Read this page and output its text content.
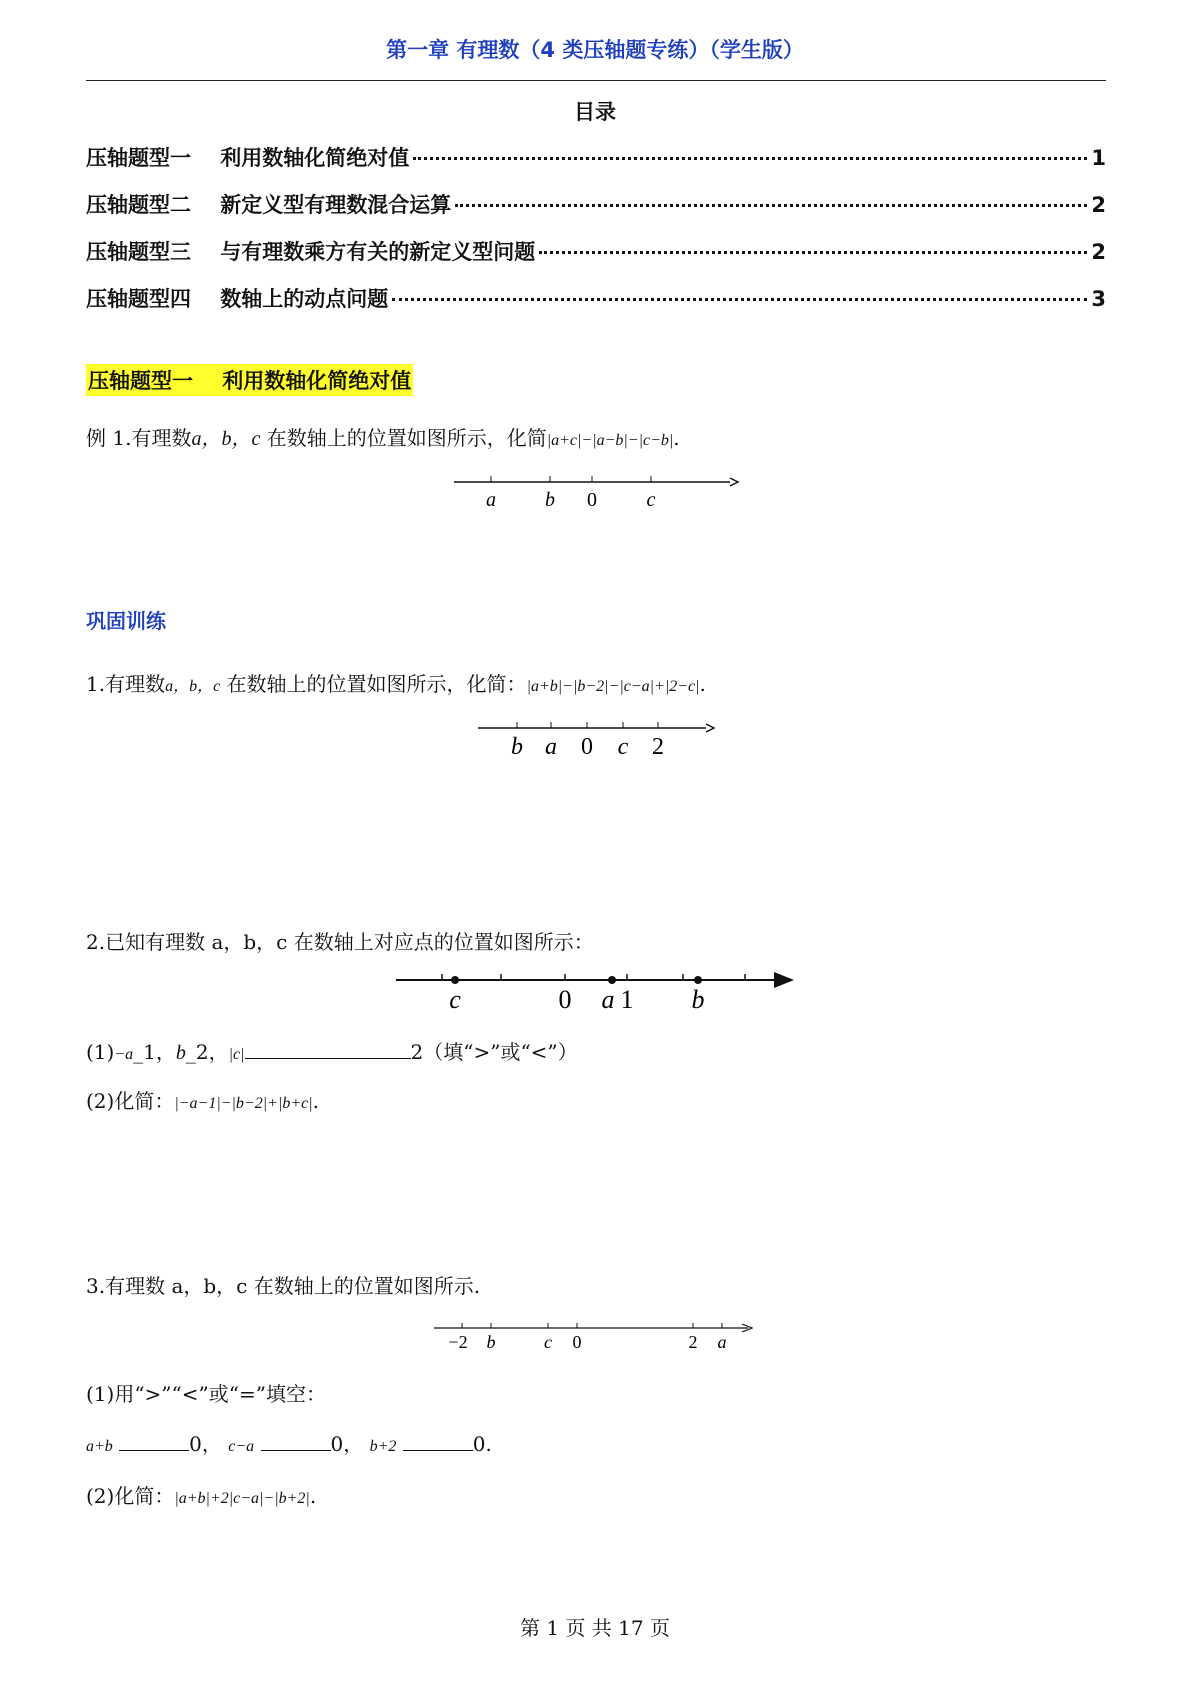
第一章 有理数（4 类压轴题专练）（学生版）
目录
压轴题型一    利用数轴化简绝对值	1
压轴题型二    新定义型有理数混合运算	2
压轴题型三    与有理数乘方有关的新定义型问题	2
压轴题型四    数轴上的动点问题	3
压轴题型一    利用数轴化简绝对值
例 1.有理数a，b，c 在数轴上的位置如图所示，化简|a+c|−|a−b|−|c−b|.
a b 0 c
巩固训练
1.有理数a，b，c 在数轴上的位置如图所示，化简：|a+b|−|b−2|−|c−a|+|2−c|.
b a 0 c 2
2.已知有理数 a，b，c 在数轴上对应点的位置如图所示：
c	0 a 1 b
(1)−a_1，b_2，|c|	2（填“>”或“<”）
(2)化简：|−a−1|−|b−2|+|b+c|.
3.有理数 a，b，c 在数轴上的位置如图所示.
−2 b	c 0	2 a
(1)用“>”“<”或“=”填空：
a+b	0， c−a	0， b+2	0.
(2)化简：|a+b|+2|c−a|−|b+2|.
第 1 页 共 17 页
